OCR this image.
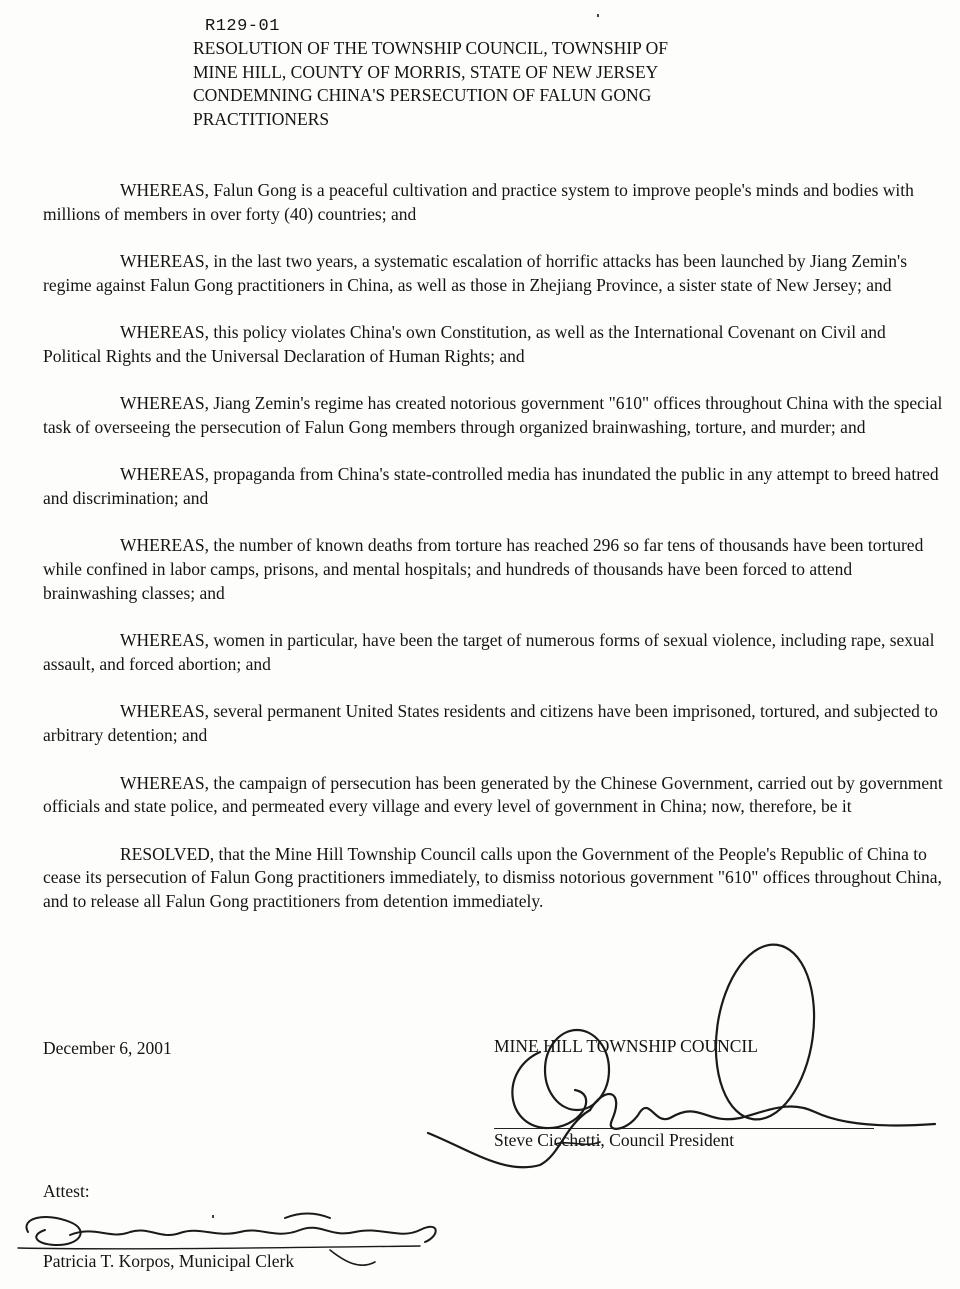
R129-01
RESOLUTION OF THE TOWNSHIP COUNCIL, TOWNSHIP OF
MINE HILL, COUNTY OF MORRIS, STATE OF NEW JERSEY
CONDEMNING CHINA'S PERSECUTION OF FALUN GONG
PRACTITIONERS

WHEREAS, Falun Gong is a peaceful cultivation and practice system to improve people's minds and bodies with millions of members in over forty (40) countries; and

WHEREAS, in the last two years, a systematic escalation of horrific attacks has been launched by Jiang Zemin's regime against Falun Gong practitioners in China, as well as those in Zhejiang Province, a sister state of New Jersey; and

WHEREAS, this policy violates China's own Constitution, as well as the International Covenant on Civil and Political Rights and the Universal Declaration of Human Rights; and

WHEREAS, Jiang Zemin's regime has created notorious government "610" offices throughout China with the special task of overseeing the persecution of Falun Gong members through organized brainwashing, torture, and murder; and

WHEREAS, propaganda from China's state-controlled media has inundated the public in any attempt to breed hatred and discrimination; and

WHEREAS, the number of known deaths from torture has reached 296 so far tens of thousands have been tortured while confined in labor camps, prisons, and mental hospitals; and hundreds of thousands have been forced to attend brainwashing classes; and

WHEREAS, women in particular, have been the target of numerous forms of sexual violence, including rape, sexual assault, and forced abortion; and

WHEREAS, several permanent United States residents and citizens have been imprisoned, tortured, and subjected to arbitrary detention; and

WHEREAS, the campaign of persecution has been generated by the Chinese Government, carried out by government officials and state police, and permeated every village and every level of government in China; now, therefore, be it

RESOLVED, that the Mine Hill Township Council calls upon the Government of the People's Republic of China to cease its persecution of Falun Gong practitioners immediately, to dismiss notorious government "610" offices throughout China, and to release all Falun Gong practitioners from detention immediately.

December 6, 2001	MINE HILL TOWNSHIP COUNCIL
Steve Cicchetti, Council President
Attest:
Patricia T. Korpos, Municipal Clerk
